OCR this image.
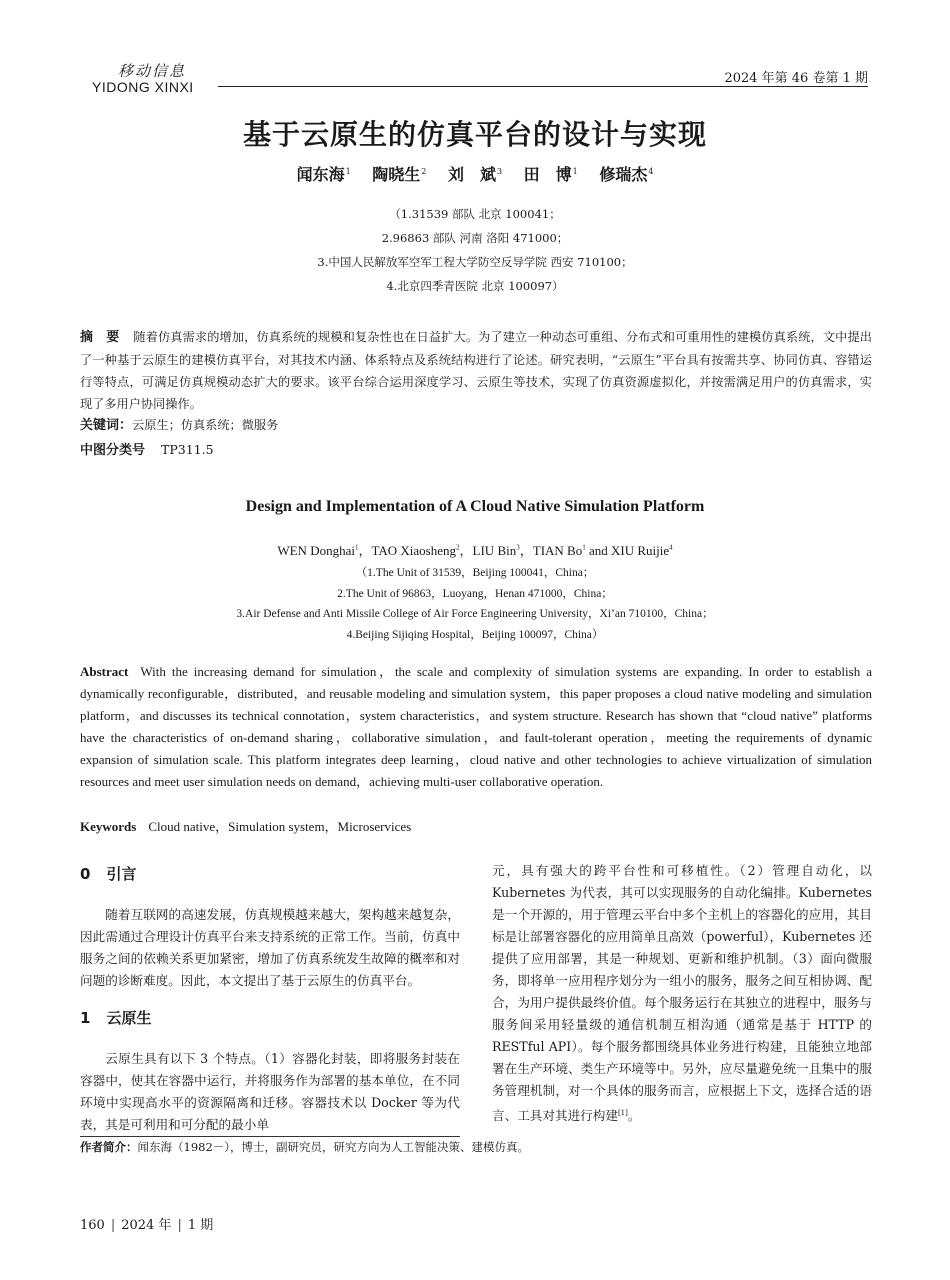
移动信息
YIDONG XINXI
2024 年第 46 卷第 1 期
基于云原生的仿真平台的设计与实现
闻东海$^1$ 陶晓生$^2$ 刘　斌$^3$ 田　博$^1$ 修瑞杰$^4$
（1.31539 部队 北京 100041；
2.96863 部队 河南 洛阳 471000；
3.中国人民解放军空军工程大学防空反导学院 西安 710100；
4.北京四季青医院 北京 100097）
摘　要 随着仿真需求的增加，仿真系统的规模和复杂性也在日益扩大。为了建立一种动态可重组、分布式和可重用性的建模仿真系统，文中提出了一种基于云原生的建模仿真平台，对其技术内涵、体系特点及系统结构进行了论述。研究表明，“云原生”平台具有按需共享、协同仿真、容错运行等特点，可满足仿真规模动态扩大的要求。该平台综合运用深度学习、云原生等技术，实现了仿真资源虚拟化，并按需满足用户的仿真需求，实现了多用户协同操作。
关键词：云原生；仿真系统；微服务
中图分类号 TP311.5
Design and Implementation of A Cloud Native Simulation Platform
WEN Donghai$^1$，TAO Xiaosheng$^2$，LIU Bin$^3$，TIAN Bo$^1$ and XIU Ruijie$^4$
（1.The Unit of 31539，Beijing 100041，China；
2.The Unit of 96863，Luoyang，Henan 471000，China；
3.Air Defense and Anti Missile College of Air Force Engineering University，Xi’an 710100，China；
4.Beijing Sijiqing Hospital，Beijing 100097，China）
Abstract With the increasing demand for simulation，the scale and complexity of simulation systems are expanding. In order to establish a dynamically reconfigurable，distributed，and reusable modeling and simulation system，this paper proposes a cloud native modeling and simulation platform，and discusses its technical connotation，system characteristics，and system structure. Research has shown that “cloud native” platforms have the characteristics of on-demand sharing，collaborative simulation，and fault-tolerant operation，meeting the requirements of dynamic expansion of simulation scale. This platform integrates deep learning，cloud native and other technologies to achieve virtualization of simulation resources and meet user simulation needs on demand，achieving multi-user collaborative operation.
Keywords Cloud native，Simulation system，Microservices
0 引言

随着互联网的高速发展，仿真规模越来越大，架构越来越复杂，因此需通过合理设计仿真平台来支持系统的正常工作。当前，仿真中服务之间的依赖关系更加紧密，增加了仿真系统发生故障的概率和对问题的诊断难度。因此，本文提出了基于云原生的仿真平台。

1 云原生

云原生具有以下 3 个特点。（1）容器化封装，即将服务封装在容器中，使其在容器中运行，并将服务作为部署的基本单位，在不同环境中实现高水平的资源隔离和迁移。容器技术以 Docker 等为代表，其是可利用和可分配的最小单

元，具有强大的跨平台性和可移植性。（2）管理自动化，以 Kubernetes 为代表，其可以实现服务的自动化编排。Kubernetes 是一个开源的，用于管理云平台中多个主机上的容器化的应用，其目标是让部署容器化的应用简单且高效（powerful），Kubernetes 还提供了应用部署，其是一种规划、更新和维护机制。（3）面向微服务，即将单一应用程序划分为一组小的服务，服务之间互相协调、配合，为用户提供最终价值。每个服务运行在其独立的进程中，服务与服务间采用轻量级的通信机制互相沟通（通常是基于 HTTP 的 RESTful API）。每个服务都围绕具体业务进行构建，且能独立地部署在生产环境、类生产环境等中。另外，应尽量避免统一且集中的服务管理机制，对一个具体的服务而言，应根据上下文，选择合适的语言、工具对其进行构建[1]。

作者简介：闻东海（1982－），博士，副研究员，研究方向为人工智能决策、建模仿真。
160 | 2024 年 | 1 期
